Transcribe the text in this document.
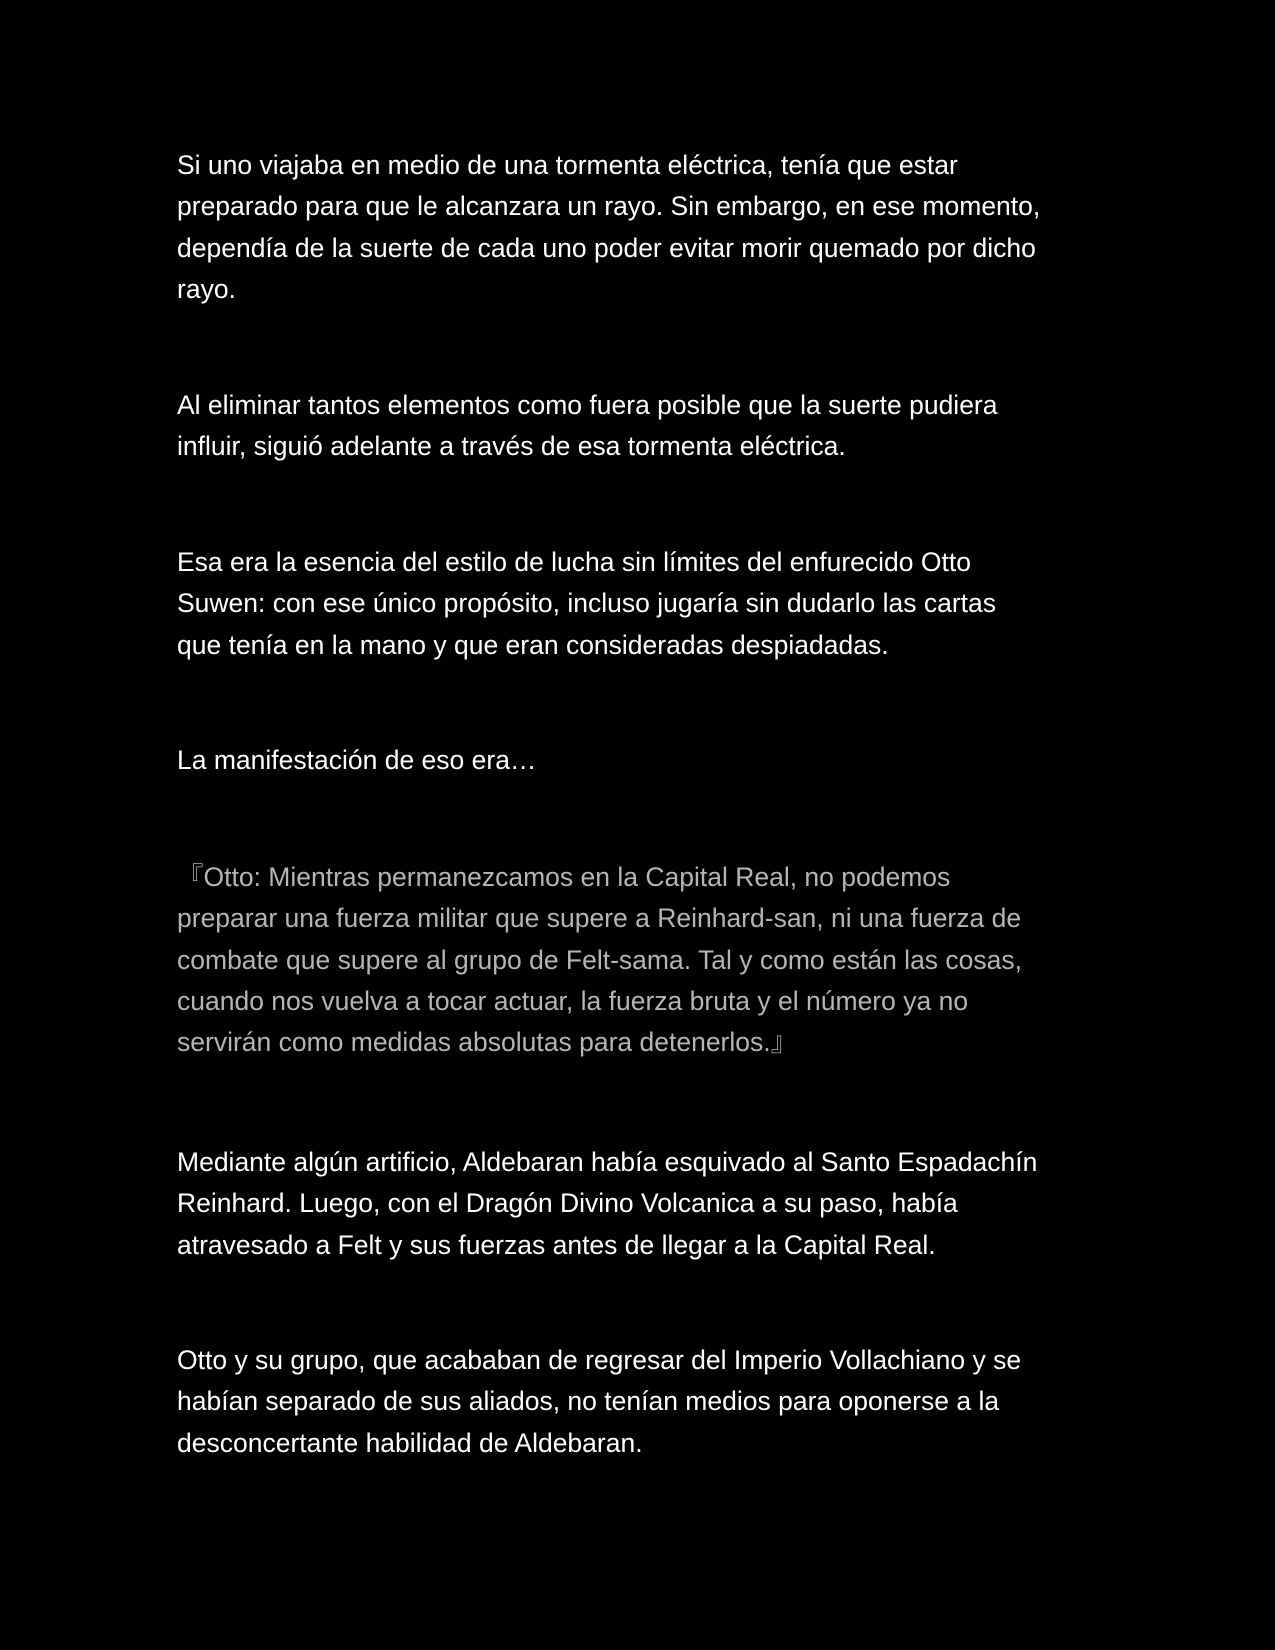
Si uno viajaba en medio de una tormenta eléctrica, tenía que estar
preparado para que le alcanzara un rayo. Sin embargo, en ese momento,
dependía de la suerte de cada uno poder evitar morir quemado por dicho
rayo.

Al eliminar tantos elementos como fuera posible que la suerte pudiera
influir, siguió adelante a través de esa tormenta eléctrica.

Esa era la esencia del estilo de lucha sin límites del enfurecido Otto
Suwen: con ese único propósito, incluso jugaría sin dudarlo las cartas
que tenía en la mano y que eran consideradas despiadadas.

La manifestación de eso era…

『Otto: Mientras permanezcamos en la Capital Real, no podemos
preparar una fuerza militar que supere a Reinhard-san, ni una fuerza de
combate que supere al grupo de Felt-sama. Tal y como están las cosas,
cuando nos vuelva a tocar actuar, la fuerza bruta y el número ya no
servirán como medidas absolutas para detenerlos.』

Mediante algún artificio, Aldebaran había esquivado al Santo Espadachín
Reinhard. Luego, con el Dragón Divino Volcanica a su paso, había
atravesado a Felt y sus fuerzas antes de llegar a la Capital Real.

Otto y su grupo, que acababan de regresar del Imperio Vollachiano y se
habían separado de sus aliados, no tenían medios para oponerse a la
desconcertante habilidad de Aldebaran.
